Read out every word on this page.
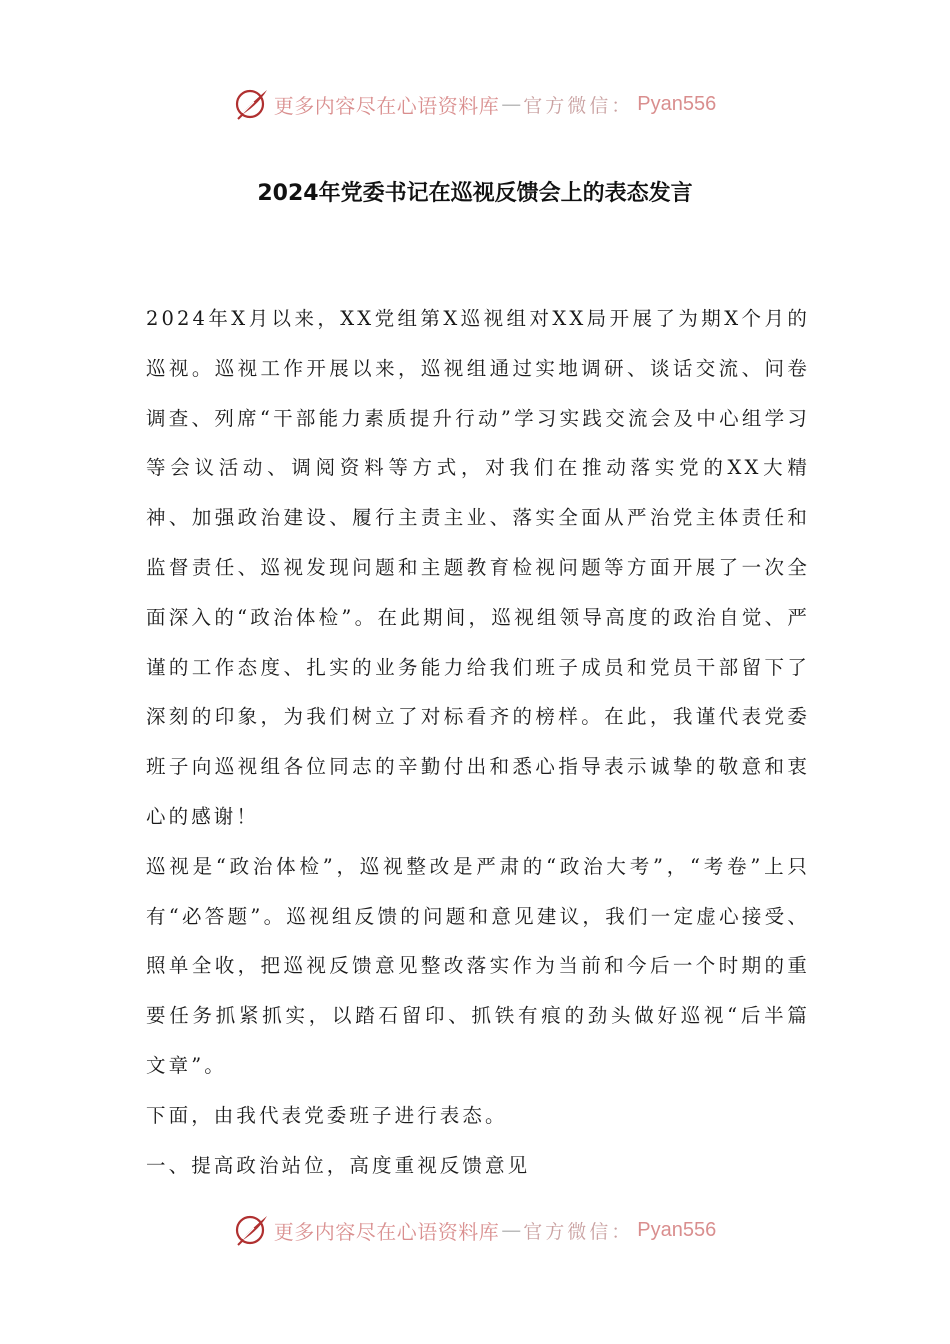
更多内容尽在心语资料库 — 官方微信： Pyan556
2024年党委书记在巡视反馈会上的表态发言

2024年X月以来，XX党组第X巡视组对XX局开展了为期X个月的巡视。巡视工作开展以来，巡视组通过实地调研、谈话交流、问卷调查、列席“干部能力素质提升行动”学习实践交流会及中心组学习等会议活动、调阅资料等方式，对我们在推动落实党的XX大精神、加强政治建设、履行主责主业、落实全面从严治党主体责任和监督责任、巡视发现问题和主题教育检视问题等方面开展了一次全面深入的“政治体检”。在此期间，巡视组领导高度的政治自觉、严谨的工作态度、扎实的业务能力给我们班子成员和党员干部留下了深刻的印象，为我们树立了对标看齐的榜样。在此，我谨代表党委班子向巡视组各位同志的辛勤付出和悉心指导表示诚挚的敬意和衷心的感谢！

巡视是“政治体检”，巡视整改是严肃的“政治大考”，“考卷”上只有“必答题”。巡视组反馈的问题和意见建议，我们一定虚心接受、照单全收，把巡视反馈意见整改落实作为当前和今后一个时期的重要任务抓紧抓实，以踏石留印、抓铁有痕的劲头做好巡视“后半篇文章”。

下面，由我代表党委班子进行表态。

一、提高政治站位，高度重视反馈意见

更多内容尽在心语资料库 — 官方微信： Pyan556
